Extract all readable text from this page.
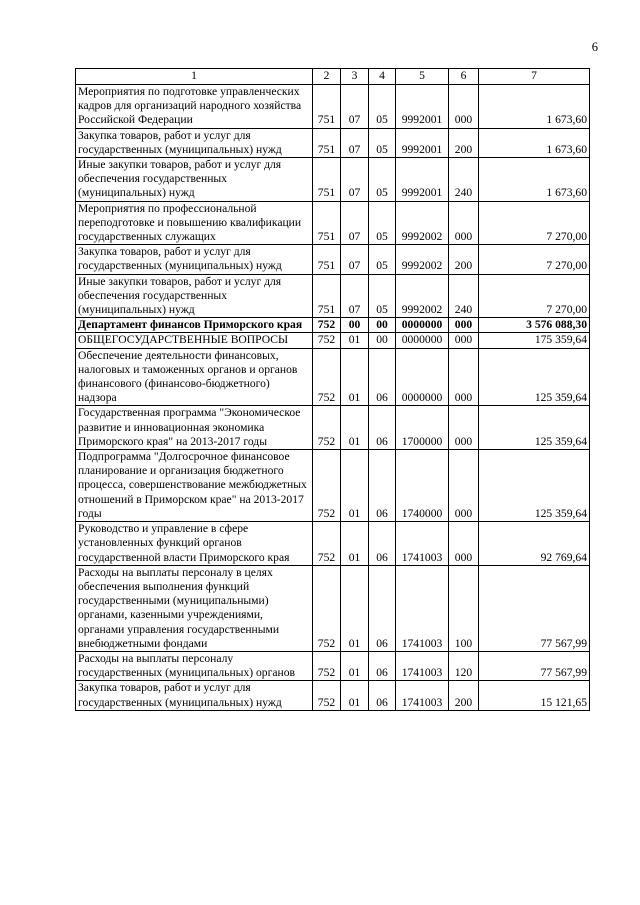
6
1	2	3	4	5	6	7
Мероприятия по подготовке управленческих кадров для организаций народного хозяйства Российской Федерации	751	07	05	9992001	000	1 673,60
Закупка товаров, работ и услуг для государственных (муниципальных) нужд	751	07	05	9992001	200	1 673,60
Иные закупки товаров, работ и услуг для обеспечения государственных (муниципальных) нужд	751	07	05	9992001	240	1 673,60
Мероприятия по профессиональной переподготовке и повышению квалификации государственных служащих	751	07	05	9992002	000	7 270,00
Закупка товаров, работ и услуг для государственных (муниципальных) нужд	751	07	05	9992002	200	7 270,00
Иные закупки товаров, работ и услуг для обеспечения государственных (муниципальных) нужд	751	07	05	9992002	240	7 270,00
Департамент финансов Приморского края	752	00	00	0000000	000	3 576 088,30
ОБЩЕГОСУДАРСТВЕННЫЕ ВОПРОСЫ	752	01	00	0000000	000	175 359,64
Обеспечение деятельности финансовых, налоговых и таможенных органов и органов финансового (финансово-бюджетного) надзора	752	01	06	0000000	000	125 359,64
Государственная программа "Экономическое развитие и инновационная экономика Приморского края" на 2013-2017 годы	752	01	06	1700000	000	125 359,64
Подпрограмма "Долгосрочное финансовое планирование и организация бюджетного процесса, совершенствование межбюджетных отношений в Приморском крае" на 2013-2017 годы	752	01	06	1740000	000	125 359,64
Руководство и управление в сфере установленных функций органов государственной власти Приморского края	752	01	06	1741003	000	92 769,64
Расходы на выплаты персоналу в целях обеспечения выполнения функций государственными (муниципальными) органами, казенными учреждениями, органами управления государственными внебюджетными фондами	752	01	06	1741003	100	77 567,99
Расходы на выплаты персоналу государственных (муниципальных) органов	752	01	06	1741003	120	77 567,99
Закупка товаров, работ и услуг для государственных (муниципальных) нужд	752	01	06	1741003	200	15 121,65
